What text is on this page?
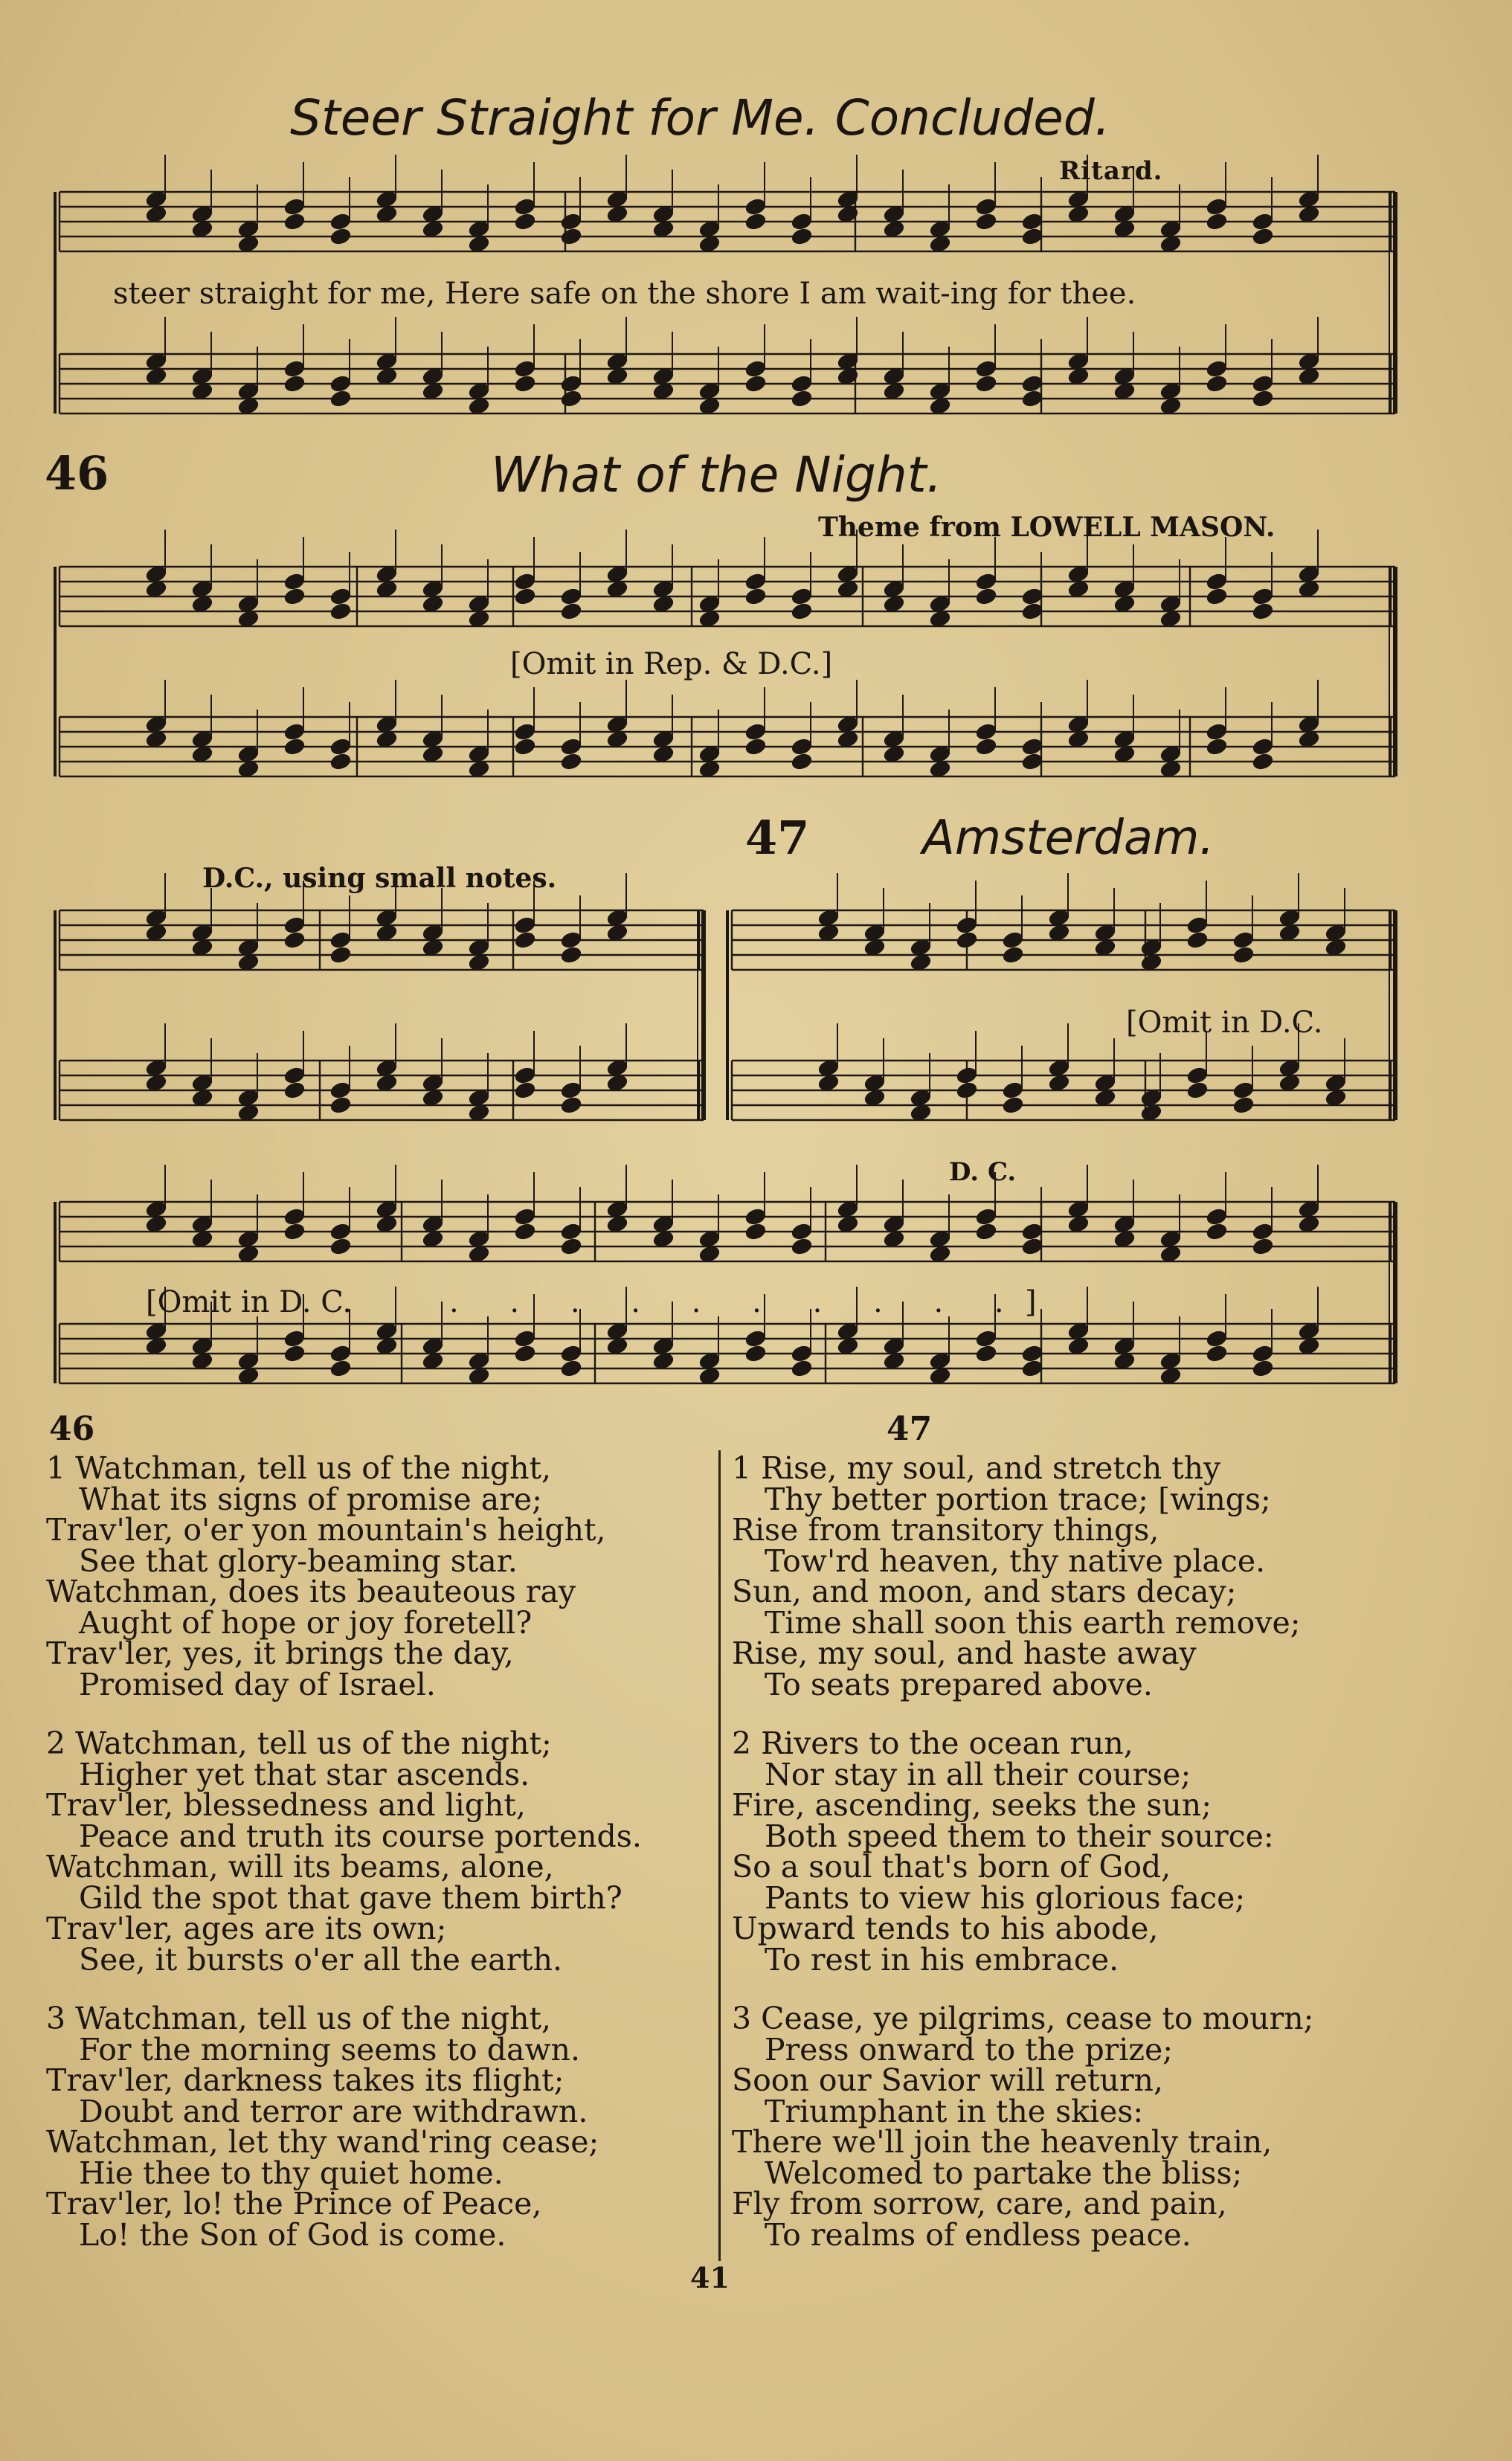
Steer Straight for Me. Concluded.
Ritard.
steer straight for me, Here safe on the shore I am wait-ing for thee.
46	What of the Night.
Theme from LOWELL MASON.
[Omit in Rep. & D.C.]
47 Amsterdam.
D.C., using small notes.
[Omit in D.C.
D. C.
[Omit in D. C.	. . . . . . . . . . ]
46	47
1 Watchman, tell us of the night,
What its signs of promise are;
Trav'ler, o'er yon mountain's height,
See that glory-beaming star.
Watchman, does its beauteous ray
Aught of hope or joy foretell?
Trav'ler, yes, it brings the day,
Promised day of Israel.
2 Watchman, tell us of the night;
Higher yet that star ascends.
Trav'ler, blessedness and light,
Peace and truth its course portends.
Watchman, will its beams, alone,
Gild the spot that gave them birth?
Trav'ler, ages are its own;
See, it bursts o'er all the earth.
3 Watchman, tell us of the night,
For the morning seems to dawn.
Trav'ler, darkness takes its flight;
Doubt and terror are withdrawn.
Watchman, let thy wand'ring cease;
Hie thee to thy quiet home.
Trav'ler, lo! the Prince of Peace,
Lo! the Son of God is come.
1 Rise, my soul, and stretch thy
Thy better portion trace; [wings;
Rise from transitory things,
Tow'rd heaven, thy native place.
Sun, and moon, and stars decay;
Time shall soon this earth remove;
Rise, my soul, and haste away
To seats prepared above.
2 Rivers to the ocean run,
Nor stay in all their course;
Fire, ascending, seeks the sun;
Both speed them to their source:
So a soul that's born of God,
Pants to view his glorious face;
Upward tends to his abode,
To rest in his embrace.
3 Cease, ye pilgrims, cease to mourn;
Press onward to the prize;
Soon our Savior will return,
Triumphant in the skies:
There we'll join the heavenly train,
Welcomed to partake the bliss;
Fly from sorrow, care, and pain,
To realms of endless peace.
41
